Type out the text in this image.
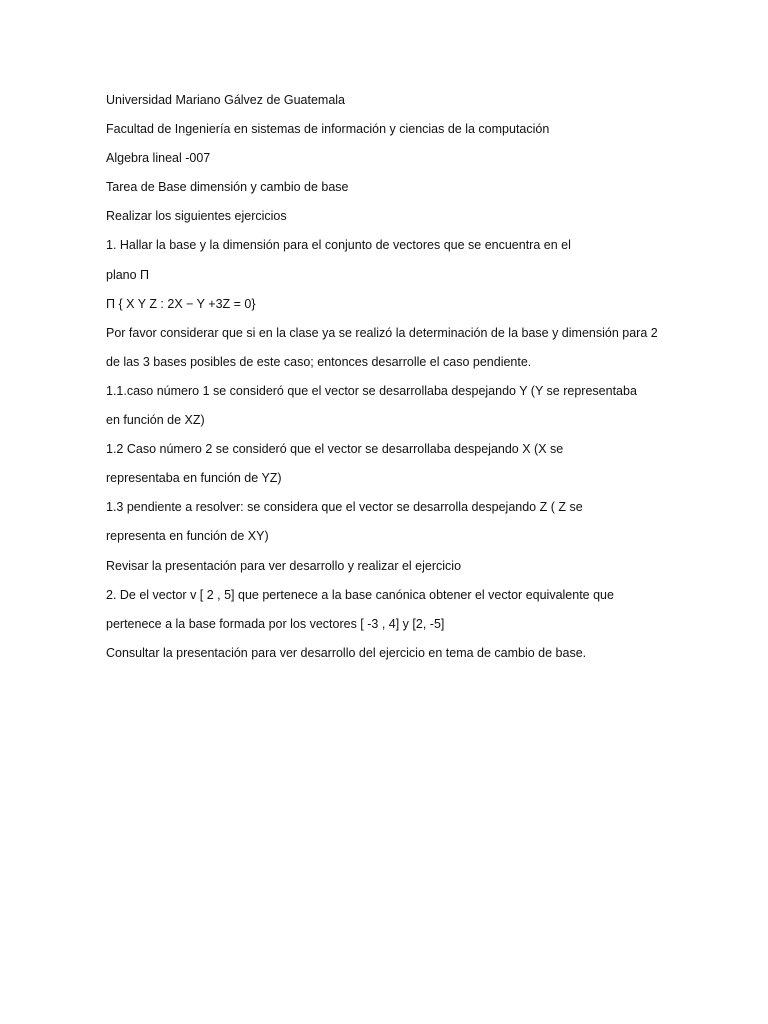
Universidad Mariano Gálvez de Guatemala
Facultad de Ingeniería en sistemas de información y ciencias de la computación
Algebra lineal -007
Tarea de Base dimensión y cambio de base
Realizar los siguientes ejercicios
1. Hallar la base y la dimensión para el conjunto de vectores que se encuentra en el
plano Π
Π { X Y Z : 2X − Y +3Z = 0}
Por favor considerar que si en la clase ya se realizó la determinación de la base y dimensión para 2
de las 3 bases posibles de este caso; entonces desarrolle el caso pendiente.
1.1.caso número 1 se consideró que el vector se desarrollaba despejando Y (Y se representaba
en función de XZ)
1.2 Caso número 2 se consideró que el vector se desarrollaba despejando X (X se
representaba en función de YZ)
1.3 pendiente a resolver: se considera que el vector se desarrolla despejando Z ( Z se
representa en función de XY)
Revisar la presentación para ver desarrollo y realizar el ejercicio
2. De el vector v [ 2 , 5] que pertenece a la base canónica obtener el vector equivalente que
pertenece a la base formada por los vectores [ -3 , 4] y [2, -5]
Consultar la presentación para ver desarrollo del ejercicio en tema de cambio de base.
